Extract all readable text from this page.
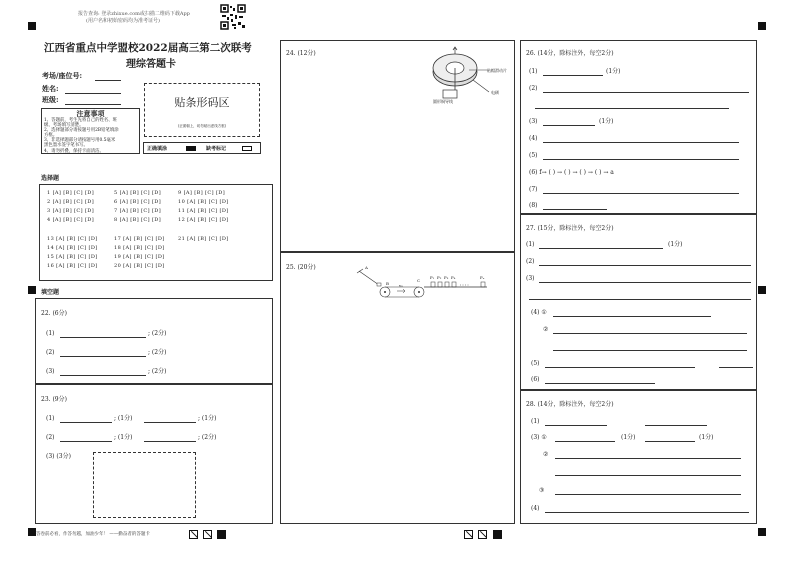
报告查询: 登录zhixue.com或扫描二维码下载App
(用户名和初始密码均为准考证号)
江西省重点中学盟校2022届高三第二次联考
理综答题卡
考场/座位号:
姓名:
班级:	贴条形码区
(正面朝上，切勿贴出虚线方框)
注意事项
1、答题前，考生先将自己的姓名、班
级、考场填写清楚。
2、选择题部分请按题号用2B铅笔填涂
方框。
3、非选择题部分请按题号用0.5毫米
黑色墨水签字笔书写。
4、请勿折叠，保持卡面清洁。	正确填涂	缺考标记
选择题
1 [A] [B] [C] [D]	5 [A] [B] [C] [D]	9 [A] [B] [C] [D]
2 [A] [B] [C] [D]	6 [A] [B] [C] [D]	10 [A] [B] [C] [D]
3 [A] [B] [C] [D]	7 [A] [B] [C] [D]	11 [A] [B] [C] [D]
4 [A] [B] [C] [D]	8 [A] [B] [C] [D]	12 [A] [B] [C] [D]
13 [A] [B] [C] [D]	17 [A] [B] [C] [D]	21 [A] [B] [C] [D]
14 [A] [B] [C] [D]	18 [A] [B] [C] [D]
15 [A] [B] [C] [D]	19 [A] [B] [C] [D]
16 [A] [B] [C] [D]	20 [A] [B] [C] [D]
填空题
22. (6分)
(1)	; (2分)
(2)	; (2分)
(3)	; (2分)
23. (9分)
(1)	; (1分)	; (1分)
(2)	; (1分)	; (2分)
(3) (3分)
答卷前必看，作答勿越，加油少年！ ——勤奋者的答题卡
24. (12分)
粘帽滑动片
电刷
圆形铜导线
25. (20分)	A
B
C
P₁ P₂ P₃ P₄	Pₙ
v₀
26. (14分，除标注外，每空2分)
(1)	(1分)
(2)
(3)	(1分)
(4)
(5)
(6) f→ ( ) → ( ) → ( ) → ( ) → a
(7)
(8)
27. (15分，除标注外，每空2分)
(1)	(1分)
(2)
(3)
(4) ①
②
(5)
(6)
28. (14分，除标注外，每空2分)
(1)
(3) ①	(1分)	(1分)
②
③
(4)
